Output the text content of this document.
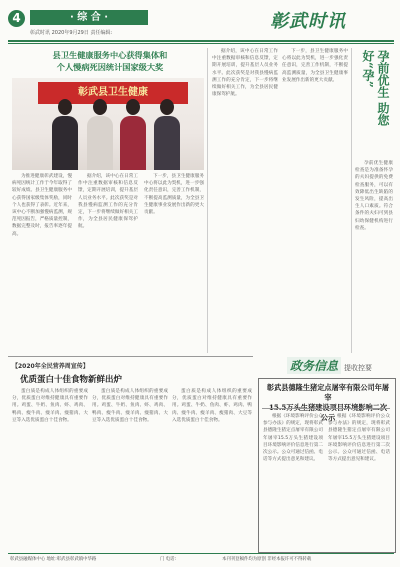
4	· 综 合 ·
彰武时讯 2020年9月29日 责任编辑:
彰武时讯
县卫生健康服务中心获得集体和
个人慢病死因统计国家级大奖
彰武县卫生健康

为推进健康彰武建设，慢病死因统计工作于今年取得了较好成绩。县卫生健康服务中心获得国家级集体奖励，同时个人也获得了表彰。近年来，该中心不断加强慢病监测，规范死因报告，严格质量控制，数据完整及时，报告率逐年提高。

据介绍，该中心在日常工作中注重数据审核和信息反馈，定期开展培训，提升基层人员业务水平。此次获奖是对我县慢病监测工作的充分肯定，下一步将继续做好相关工作，为全县居民健康保驾护航。

下一步，县卫生健康服务中心将以此为契机，进一步强化责任意识，完善工作机制，不断提高监测质量，为全县卫生健康事业发展作出新的更大贡献。

据介绍，该中心在日常工作中注重数据审核和信息反馈，定期开展培训，提升基层人员业务水平。此次获奖是对我县慢病监测工作的充分肯定，下一步将继续做好相关工作，为全县居民健康保驾护航。

下一步，县卫生健康服务中心将以此为契机，进一步强化责任意识，完善工作机制，不断提高监测质量，为全县卫生健康事业发展作出新的更大贡献。	孕前优生 助您好“孕”

孕前优生健康检查是为准备怀孕的夫妇提供的免费检查服务，可以有效降低出生缺陷的发生风险，提高出生人口素质。符合条件的夫妇可到县妇幼保健机构进行检查。

【2020年全民营养周宣传】
优质蛋白十佳食物新鲜出炉

蛋白质是构成人体组织的重要成分，优质蛋白对维持健康具有重要作用。鸡蛋、牛奶、鱼肉、虾、鸡肉、鸭肉、瘦牛肉、瘦羊肉、瘦猪肉、大豆等入选优质蛋白十佳食物。

蛋白质是构成人体组织的重要成分，优质蛋白对维持健康具有重要作用。鸡蛋、牛奶、鱼肉、虾、鸡肉、鸭肉、瘦牛肉、瘦羊肉、瘦猪肉、大豆等入选优质蛋白十佳食物。

蛋白质是构成人体组织的重要成分，优质蛋白对维持健康具有重要作用。鸡蛋、牛奶、鱼肉、虾、鸡肉、鸭肉、瘦牛肉、瘦羊肉、瘦猪肉、大豆等入选优质蛋白十佳食物。

政务信息 提收控要
彰武县德隆生猪定点屠宰有限公司年屠宰
公示

根据《环境影响评价公众参与办法》的规定，现将彰武县德隆生猪定点屠宰有限公司年屠宰15.5万头生猪建设项目环境影响评价信息进行第二次公示。公众可通过信函、电话等方式提出意见和建议。

根据《环境影响评价公众参与办法》的规定，现将彰武县德隆生猪定点屠宰有限公司年屠宰15.5万头生猪建设项目环境影响评价信息进行第二次公示。公众可通过信函、电话等方式提出意见和建议。

彰武县融媒体中心 地址:彰武县彰武镇中华路	门 电话:	本刊刊登稿件均为原创 非经本报许可不得转载
